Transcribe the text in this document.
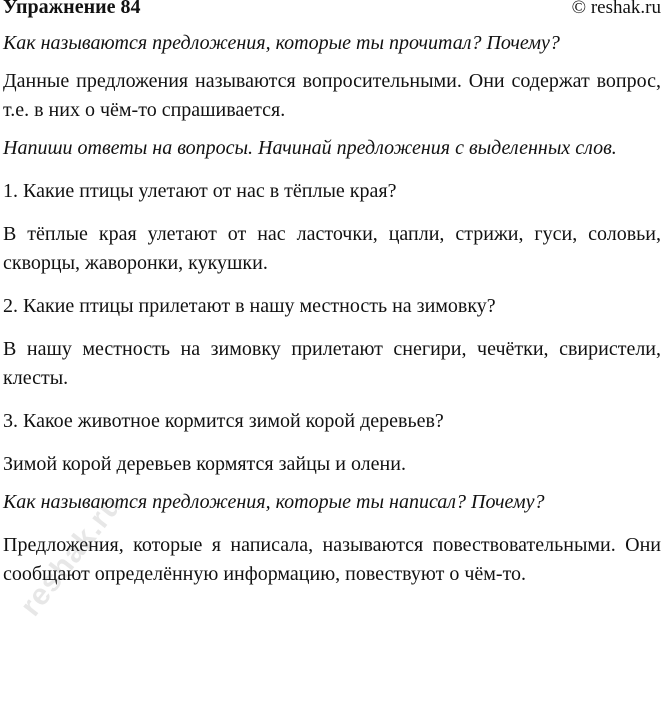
Упражнение 84	© reshak.ru

Как называются предложения, которые ты прочитал? Почему?

Данные предложения называются вопросительными. Они содержат вопрос, т.е. в них о чём-то спрашивается.

Напиши ответы на вопросы. Начинай предложения с выделенных слов.

1. Какие птицы улетают от нас в тёплые края?

В тёплые края улетают от нас ласточки, цапли, стрижи, гуси, соловьи, скворцы, жаворонки, кукушки.

2. Какие птицы прилетают в нашу местность на зимовку?

В нашу местность на зимовку прилетают снегири, чечётки, свиристели, клесты.

3. Какое животное кормится зимой корой деревьев?

Зимой корой деревьев кормятся зайцы и олени.

Как называются предложения, которые ты написал? Почему?

Предложения, которые я написала, называются повествовательными. Они сообщают определённую информацию, повествуют о чём-то.

reshak.ru
